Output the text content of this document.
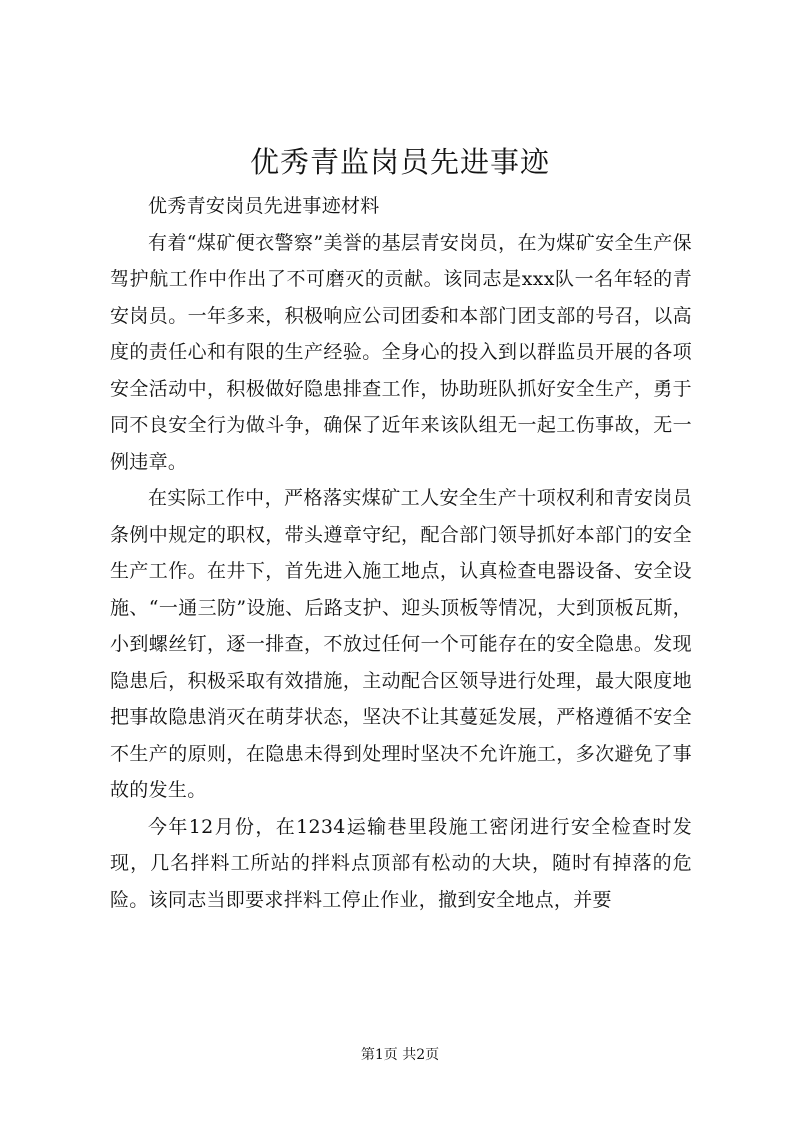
优秀青监岗员先进事迹

优秀青安岗员先进事迹材料

有着“煤矿便衣警察”美誉的基层青安岗员，在为煤矿安全生产保驾护航工作中作出了不可磨灭的贡献。该同志是xxx队一名年轻的青安岗员。一年多来，积极响应公司团委和本部门团支部的号召，以高度的责任心和有限的生产经验。全身心的投入到以群监员开展的各项安全活动中，积极做好隐患排查工作，协助班队抓好安全生产，勇于同不良安全行为做斗争，确保了近年来该队组无一起工伤事故，无一例违章。

在实际工作中，严格落实煤矿工人安全生产十项权利和青安岗员条例中规定的职权，带头遵章守纪，配合部门领导抓好本部门的安全生产工作。在井下，首先进入施工地点，认真检查电器设备、安全设施、“一通三防”设施、后路支护、迎头顶板等情况，大到顶板瓦斯，小到螺丝钉，逐一排查，不放过任何一个可能存在的安全隐患。发现隐患后，积极采取有效措施，主动配合区领导进行处理，最大限度地把事故隐患消灭在萌芽状态，坚决不让其蔓延发展，严格遵循不安全不生产的原则，在隐患未得到处理时坚决不允许施工，多次避免了事故的发生。

今年12月份，在1234运输巷里段施工密闭进行安全检查时发现，几名拌料工所站的拌料点顶部有松动的大块，随时有掉落的危险。该同志当即要求拌料工停止作业，撤到安全地点，并要

第1页 共2页
